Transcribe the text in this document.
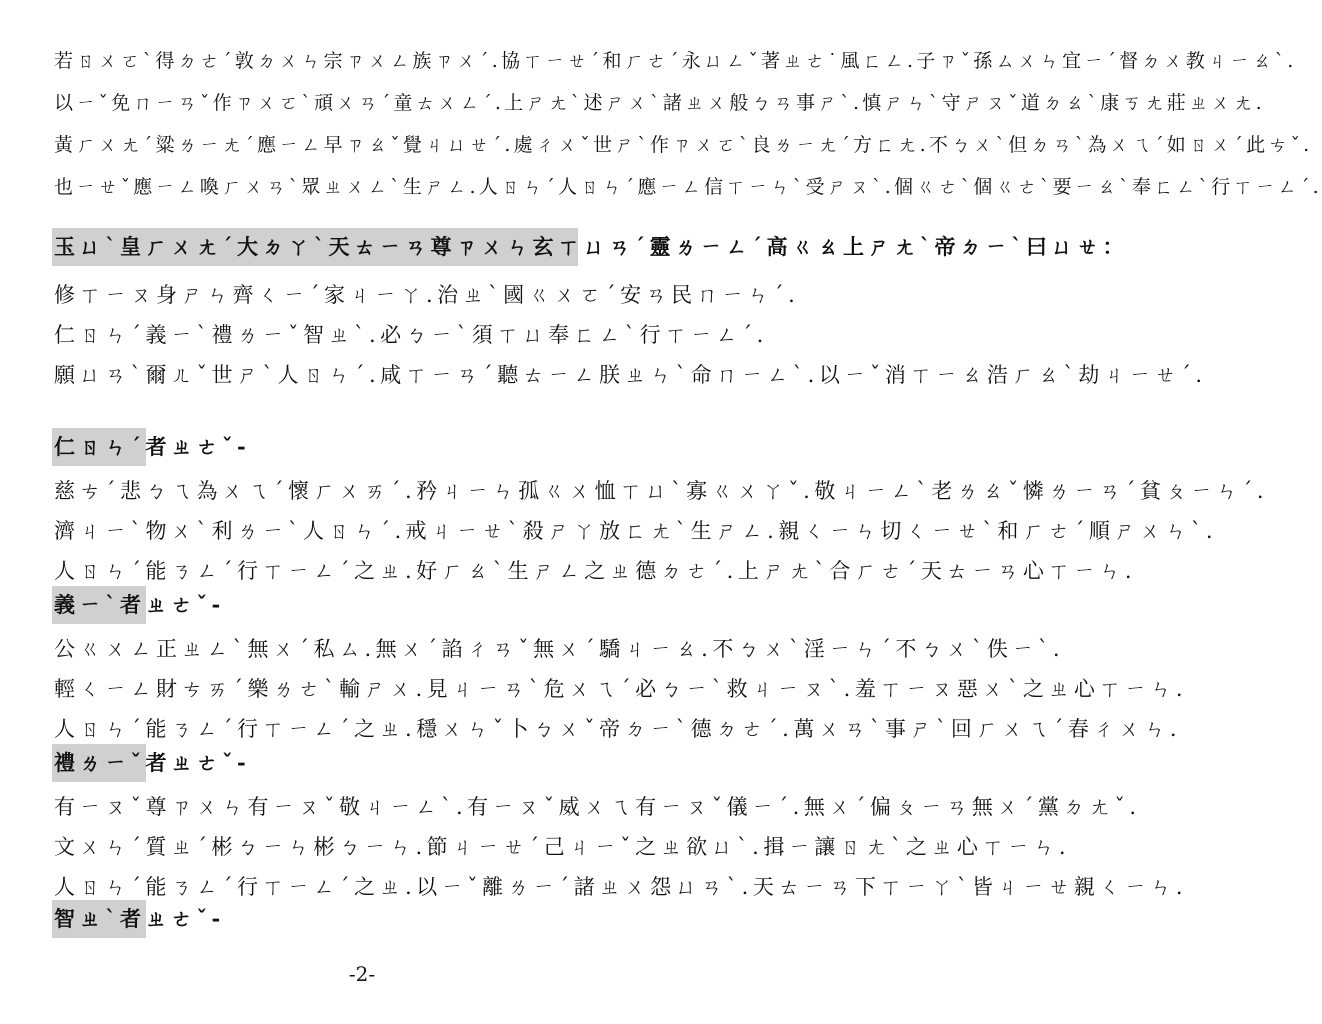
若ㄖㄨㄛˋ得ㄉㄜˊ敦ㄉㄨㄣ宗ㄗㄨㄥ族ㄗㄨˊ.協ㄒㄧㄝˊ和ㄏㄜˊ永ㄩㄥˇ著ㄓㄜ˙風ㄈㄥ.子ㄗˇ孫ㄙㄨㄣ宜ㄧˊ督ㄉㄨ教ㄐㄧㄠˋ.

以ㄧˇ免ㄇㄧㄢˇ作ㄗㄨㄛˋ頑ㄨㄢˊ童ㄊㄨㄥˊ.上ㄕㄤˋ述ㄕㄨˋ諸ㄓㄨ般ㄅㄢ事ㄕˋ.慎ㄕㄣˋ守ㄕㄡˇ道ㄉㄠˋ康ㄎㄤ莊ㄓㄨㄤ.

黃ㄏㄨㄤˊ粱ㄌㄧㄤˊ應ㄧㄥ早ㄗㄠˇ覺ㄐㄩㄝˊ.處ㄔㄨˇ世ㄕˋ作ㄗㄨㄛˋ良ㄌㄧㄤˊ方ㄈㄤ.不ㄅㄨˋ但ㄉㄢˋ為ㄨㄟˊ如ㄖㄨˊ此ㄘˇ.

也ㄧㄝˇ應ㄧㄥ喚ㄏㄨㄢˋ眾ㄓㄨㄥˋ生ㄕㄥ.人ㄖㄣˊ人ㄖㄣˊ應ㄧㄥ信ㄒㄧㄣˋ受ㄕㄡˋ.個ㄍㄜˋ個ㄍㄜˋ要ㄧㄠˋ奉ㄈㄥˋ行ㄒㄧㄥˊ.

玉ㄩˋ皇ㄏㄨㄤˊ大ㄉㄚˋ天ㄊㄧㄢ尊ㄗㄨㄣ玄ㄒㄩㄢˊ靈ㄌㄧㄥˊ高ㄍㄠ上ㄕㄤˋ帝ㄉㄧˋ曰ㄩㄝ：

修ㄒㄧㄡ身ㄕㄣ齊ㄑㄧˊ家ㄐㄧㄚ.治ㄓˋ國ㄍㄨㄛˊ安ㄢ民ㄇㄧㄣˊ.

仁ㄖㄣˊ義ㄧˋ禮ㄌㄧˇ智ㄓˋ.必ㄅㄧˋ須ㄒㄩ奉ㄈㄥˋ行ㄒㄧㄥˊ.

願ㄩㄢˋ爾ㄦˇ世ㄕˋ人ㄖㄣˊ.咸ㄒㄧㄢˊ聽ㄊㄧㄥ朕ㄓㄣˋ命ㄇㄧㄥˋ.以ㄧˇ消ㄒㄧㄠ浩ㄏㄠˋ劫ㄐㄧㄝˊ.

仁ㄖㄣˊ者ㄓㄜˇ-

慈ㄘˊ悲ㄅㄟ為ㄨㄟˊ懷ㄏㄨㄞˊ.矜ㄐㄧㄣ孤ㄍㄨ恤ㄒㄩˋ寡ㄍㄨㄚˇ.敬ㄐㄧㄥˋ老ㄌㄠˇ憐ㄌㄧㄢˊ貧ㄆㄧㄣˊ.

濟ㄐㄧˋ物ㄨˋ利ㄌㄧˋ人ㄖㄣˊ.戒ㄐㄧㄝˋ殺ㄕㄚ放ㄈㄤˋ生ㄕㄥ.親ㄑㄧㄣ切ㄑㄧㄝˋ和ㄏㄜˊ順ㄕㄨㄣˋ.

人ㄖㄣˊ能ㄋㄥˊ行ㄒㄧㄥˊ之ㄓ.好ㄏㄠˋ生ㄕㄥ之ㄓ德ㄉㄜˊ.上ㄕㄤˋ合ㄏㄜˊ天ㄊㄧㄢ心ㄒㄧㄣ.

義ㄧˋ者ㄓㄜˇ-

公ㄍㄨㄥ正ㄓㄥˋ無ㄨˊ私ㄙ.無ㄨˊ諂ㄔㄢˇ無ㄨˊ驕ㄐㄧㄠ.不ㄅㄨˋ淫ㄧㄣˊ不ㄅㄨˋ佚ㄧˋ.

輕ㄑㄧㄥ財ㄘㄞˊ樂ㄌㄜˋ輸ㄕㄨ.見ㄐㄧㄢˋ危ㄨㄟˊ必ㄅㄧˋ救ㄐㄧㄡˋ.羞ㄒㄧㄡ惡ㄨˋ之ㄓ心ㄒㄧㄣ.

人ㄖㄣˊ能ㄋㄥˊ行ㄒㄧㄥˊ之ㄓ.穩ㄨㄣˇ卜ㄅㄨˇ帝ㄉㄧˋ德ㄉㄜˊ.萬ㄨㄢˋ事ㄕˋ回ㄏㄨㄟˊ春ㄔㄨㄣ.

禮ㄌㄧˇ者ㄓㄜˇ-

有ㄧㄡˇ尊ㄗㄨㄣ有ㄧㄡˇ敬ㄐㄧㄥˋ.有ㄧㄡˇ威ㄨㄟ有ㄧㄡˇ儀ㄧˊ.無ㄨˊ偏ㄆㄧㄢ無ㄨˊ黨ㄉㄤˇ.

文ㄨㄣˊ質ㄓˊ彬ㄅㄧㄣ彬ㄅㄧㄣ.節ㄐㄧㄝˊ己ㄐㄧˇ之ㄓ欲ㄩˋ.揖ㄧ讓ㄖㄤˋ之ㄓ心ㄒㄧㄣ.

人ㄖㄣˊ能ㄋㄥˊ行ㄒㄧㄥˊ之ㄓ.以ㄧˇ離ㄌㄧˊ諸ㄓㄨ怨ㄩㄢˋ.天ㄊㄧㄢ下ㄒㄧㄚˋ皆ㄐㄧㄝ親ㄑㄧㄣ.

智ㄓˋ者ㄓㄜˇ-
-2-
